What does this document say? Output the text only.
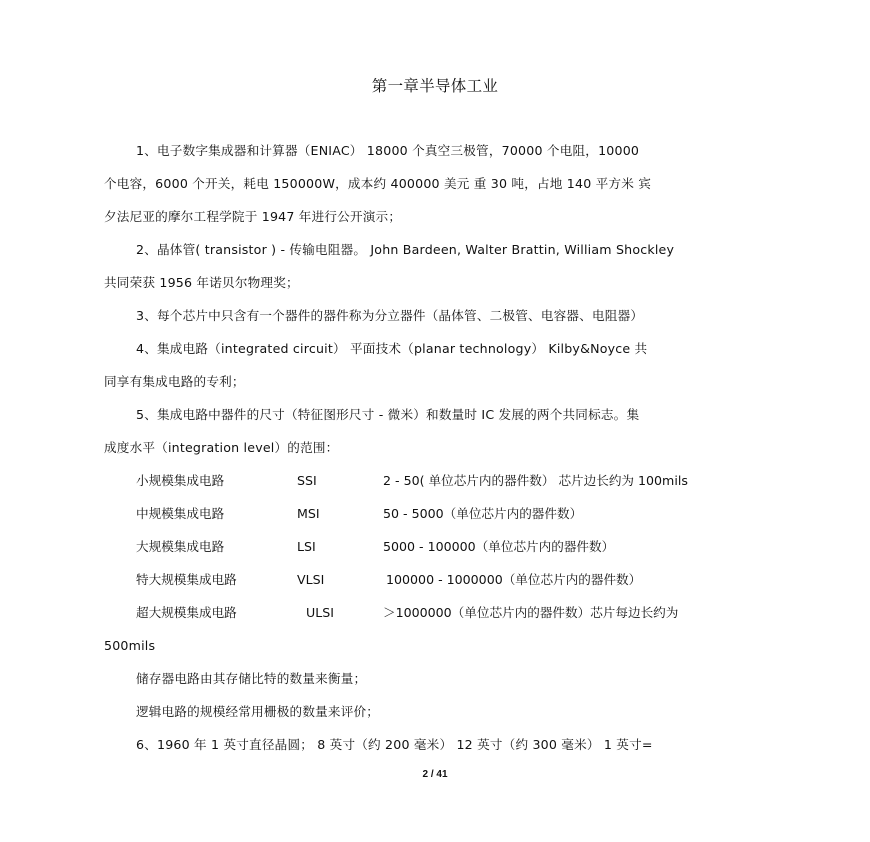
第一章半导体工业
1、电子数字集成器和计算器（ENIAC） 18000 个真空三极管，70000 个电阻，10000
个电容，6000 个开关，耗电 150000W，成本约 400000 美元 重 30 吨，占地 140 平方米 宾
夕法尼亚的摩尔工程学院于 1947 年进行公开演示；
2、晶体管( transistor ) - 传输电阻器。 John Bardeen, Walter Brattin, William Shockley
共同荣获 1956 年诺贝尔物理奖；
3、每个芯片中只含有一个器件的器件称为分立器件（晶体管、二极管、电容器、电阻器）
4、集成电路（integrated circuit） 平面技术（planar technology） Kilby&Noyce 共
同享有集成电路的专利；
5、集成电路中器件的尺寸（特征图形尺寸 - 微米）和数量时 IC 发展的两个共同标志。集
成度水平（integration level）的范围：
小规模集成电路	SSI	2 - 50( 单位芯片内的器件数） 芯片边长约为 100mils
中规模集成电路	MSI	50 - 5000（单位芯片内的器件数）
大规模集成电路	LSI	5000 - 100000（单位芯片内的器件数）
特大规模集成电路	VLSI	100000 - 1000000（单位芯片内的器件数）
超大规模集成电路	ULSI	＞1000000（单位芯片内的器件数）芯片每边长约为
500mils
储存器电路由其存储比特的数量来衡量；
逻辑电路的规模经常用栅极的数量来评价；
6、1960 年 1 英寸直径晶圆； 8 英寸（约 200 毫米） 12 英寸（约 300 毫米） 1 英寸=
2 / 41
